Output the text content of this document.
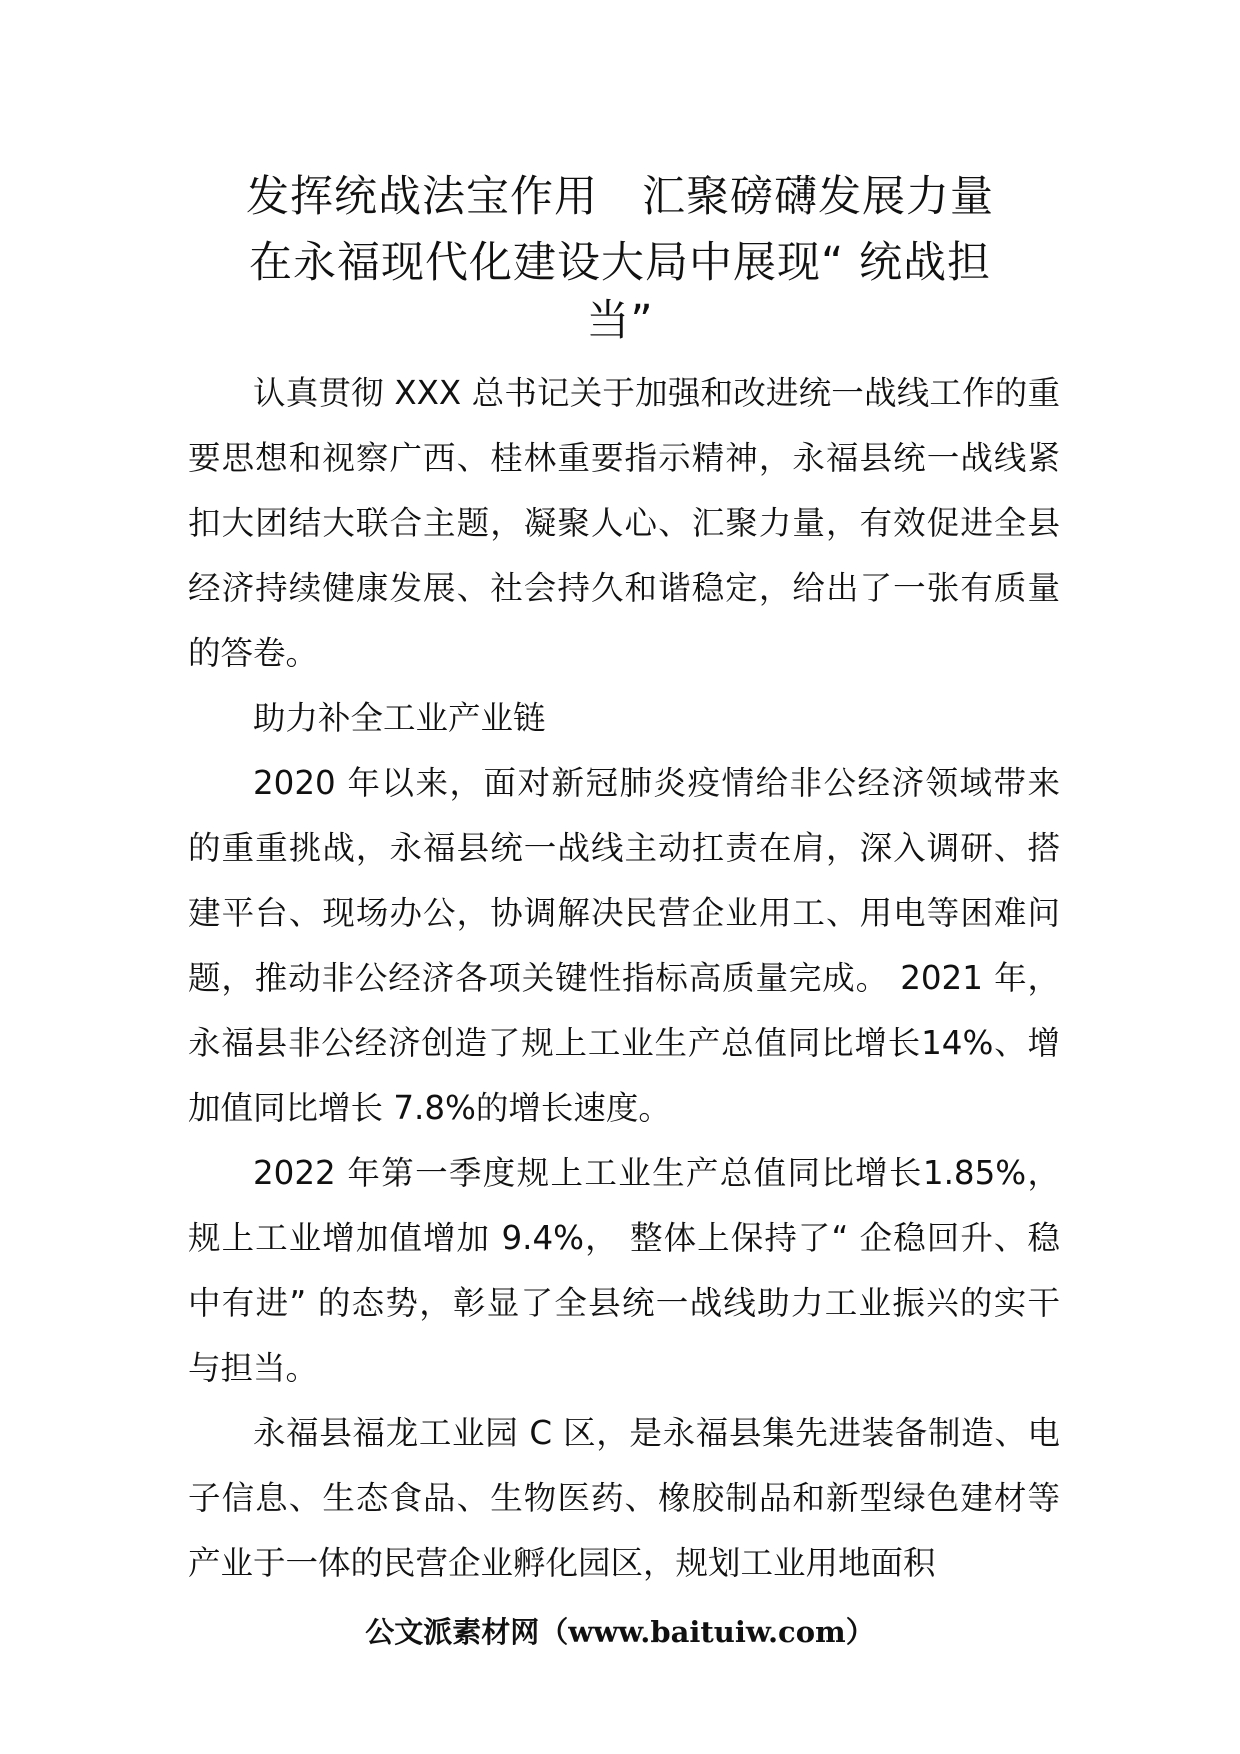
发挥统战法宝作用　汇聚磅礴发展力量
在永福现代化建设大局中展现“ 统战担
当”

认真贯彻 XXX 总书记关于加强和改进统一战线工作的重要思想和视察广西、桂林重要指示精神，永福县统一战线紧扣大团结大联合主题，凝聚人心、汇聚力量，有效促进全县经济持续健康发展、社会持久和谐稳定，给出了一张有质量的答卷。

助力补全工业产业链

2020 年以来，面对新冠肺炎疫情给非公经济领域带来的重重挑战，永福县统一战线主动扛责在肩，深入调研、搭建平台、现场办公，协调解决民营企业用工、用电等困难问题，推动非公经济各项关键性指标高质量完成。 2021 年， 永福县非公经济创造了规上工业生产总值同比增长14%、增加值同比增长 7.8%的增长速度。

2022 年第一季度规上工业生产总值同比增长1.85%， 规上工业增加值增加 9.4%， 整体上保持了“ 企稳回升、稳中有进” 的态势，彰显了全县统一战线助力工业振兴的实干与担当。

永福县福龙工业园 C 区，是永福县集先进装备制造、电子信息、生态食品、生物医药、橡胶制品和新型绿色建材等产业于一体的民营企业孵化园区，规划工业用地面积

公文派素材网（www.baituiw.com）
